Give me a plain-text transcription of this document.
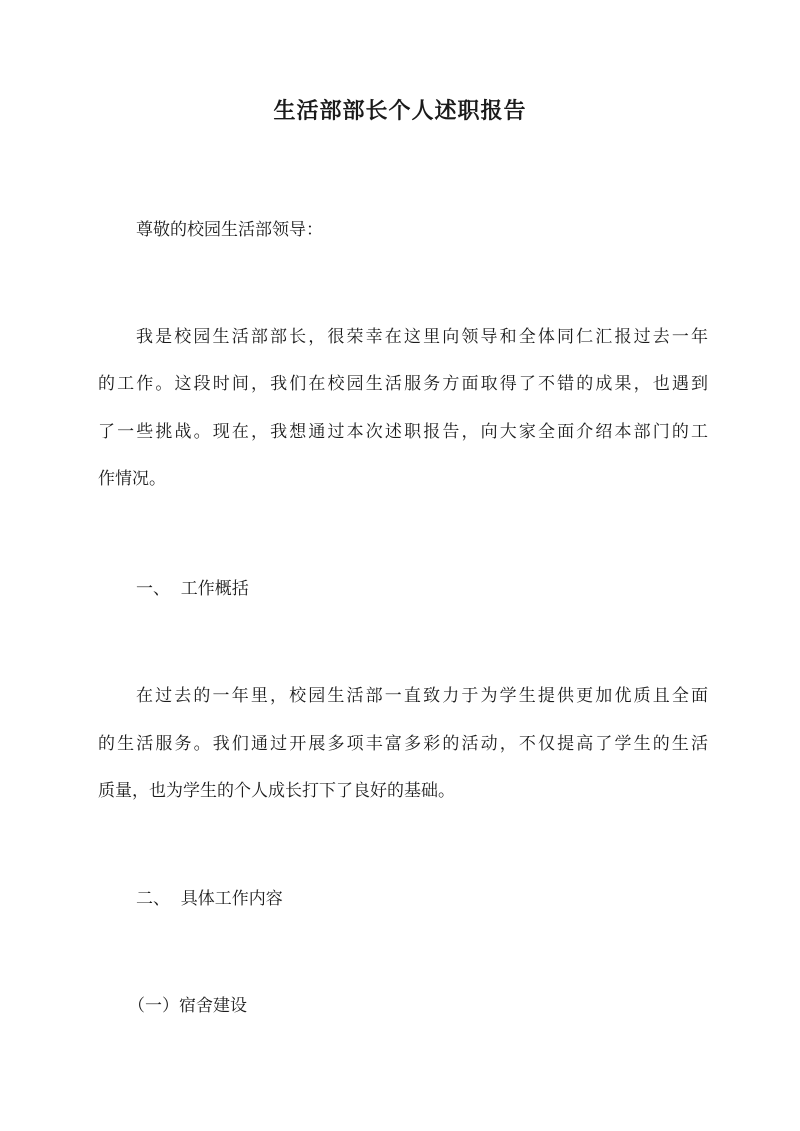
生活部部长个人述职报告

尊敬的校园生活部领导：

我是校园生活部部长，很荣幸在这里向领导和全体同仁汇报过去一年

的工作。这段时间，我们在校园生活服务方面取得了不错的成果，也遇到

了一些挑战。现在，我想通过本次述职报告，向大家全面介绍本部门的工

作情况。

一、  工作概括

在过去的一年里，校园生活部一直致力于为学生提供更加优质且全面

的生活服务。我们通过开展多项丰富多彩的活动，不仅提高了学生的生活

质量，也为学生的个人成长打下了良好的基础。

二、  具体工作内容

（一）宿舍建设
